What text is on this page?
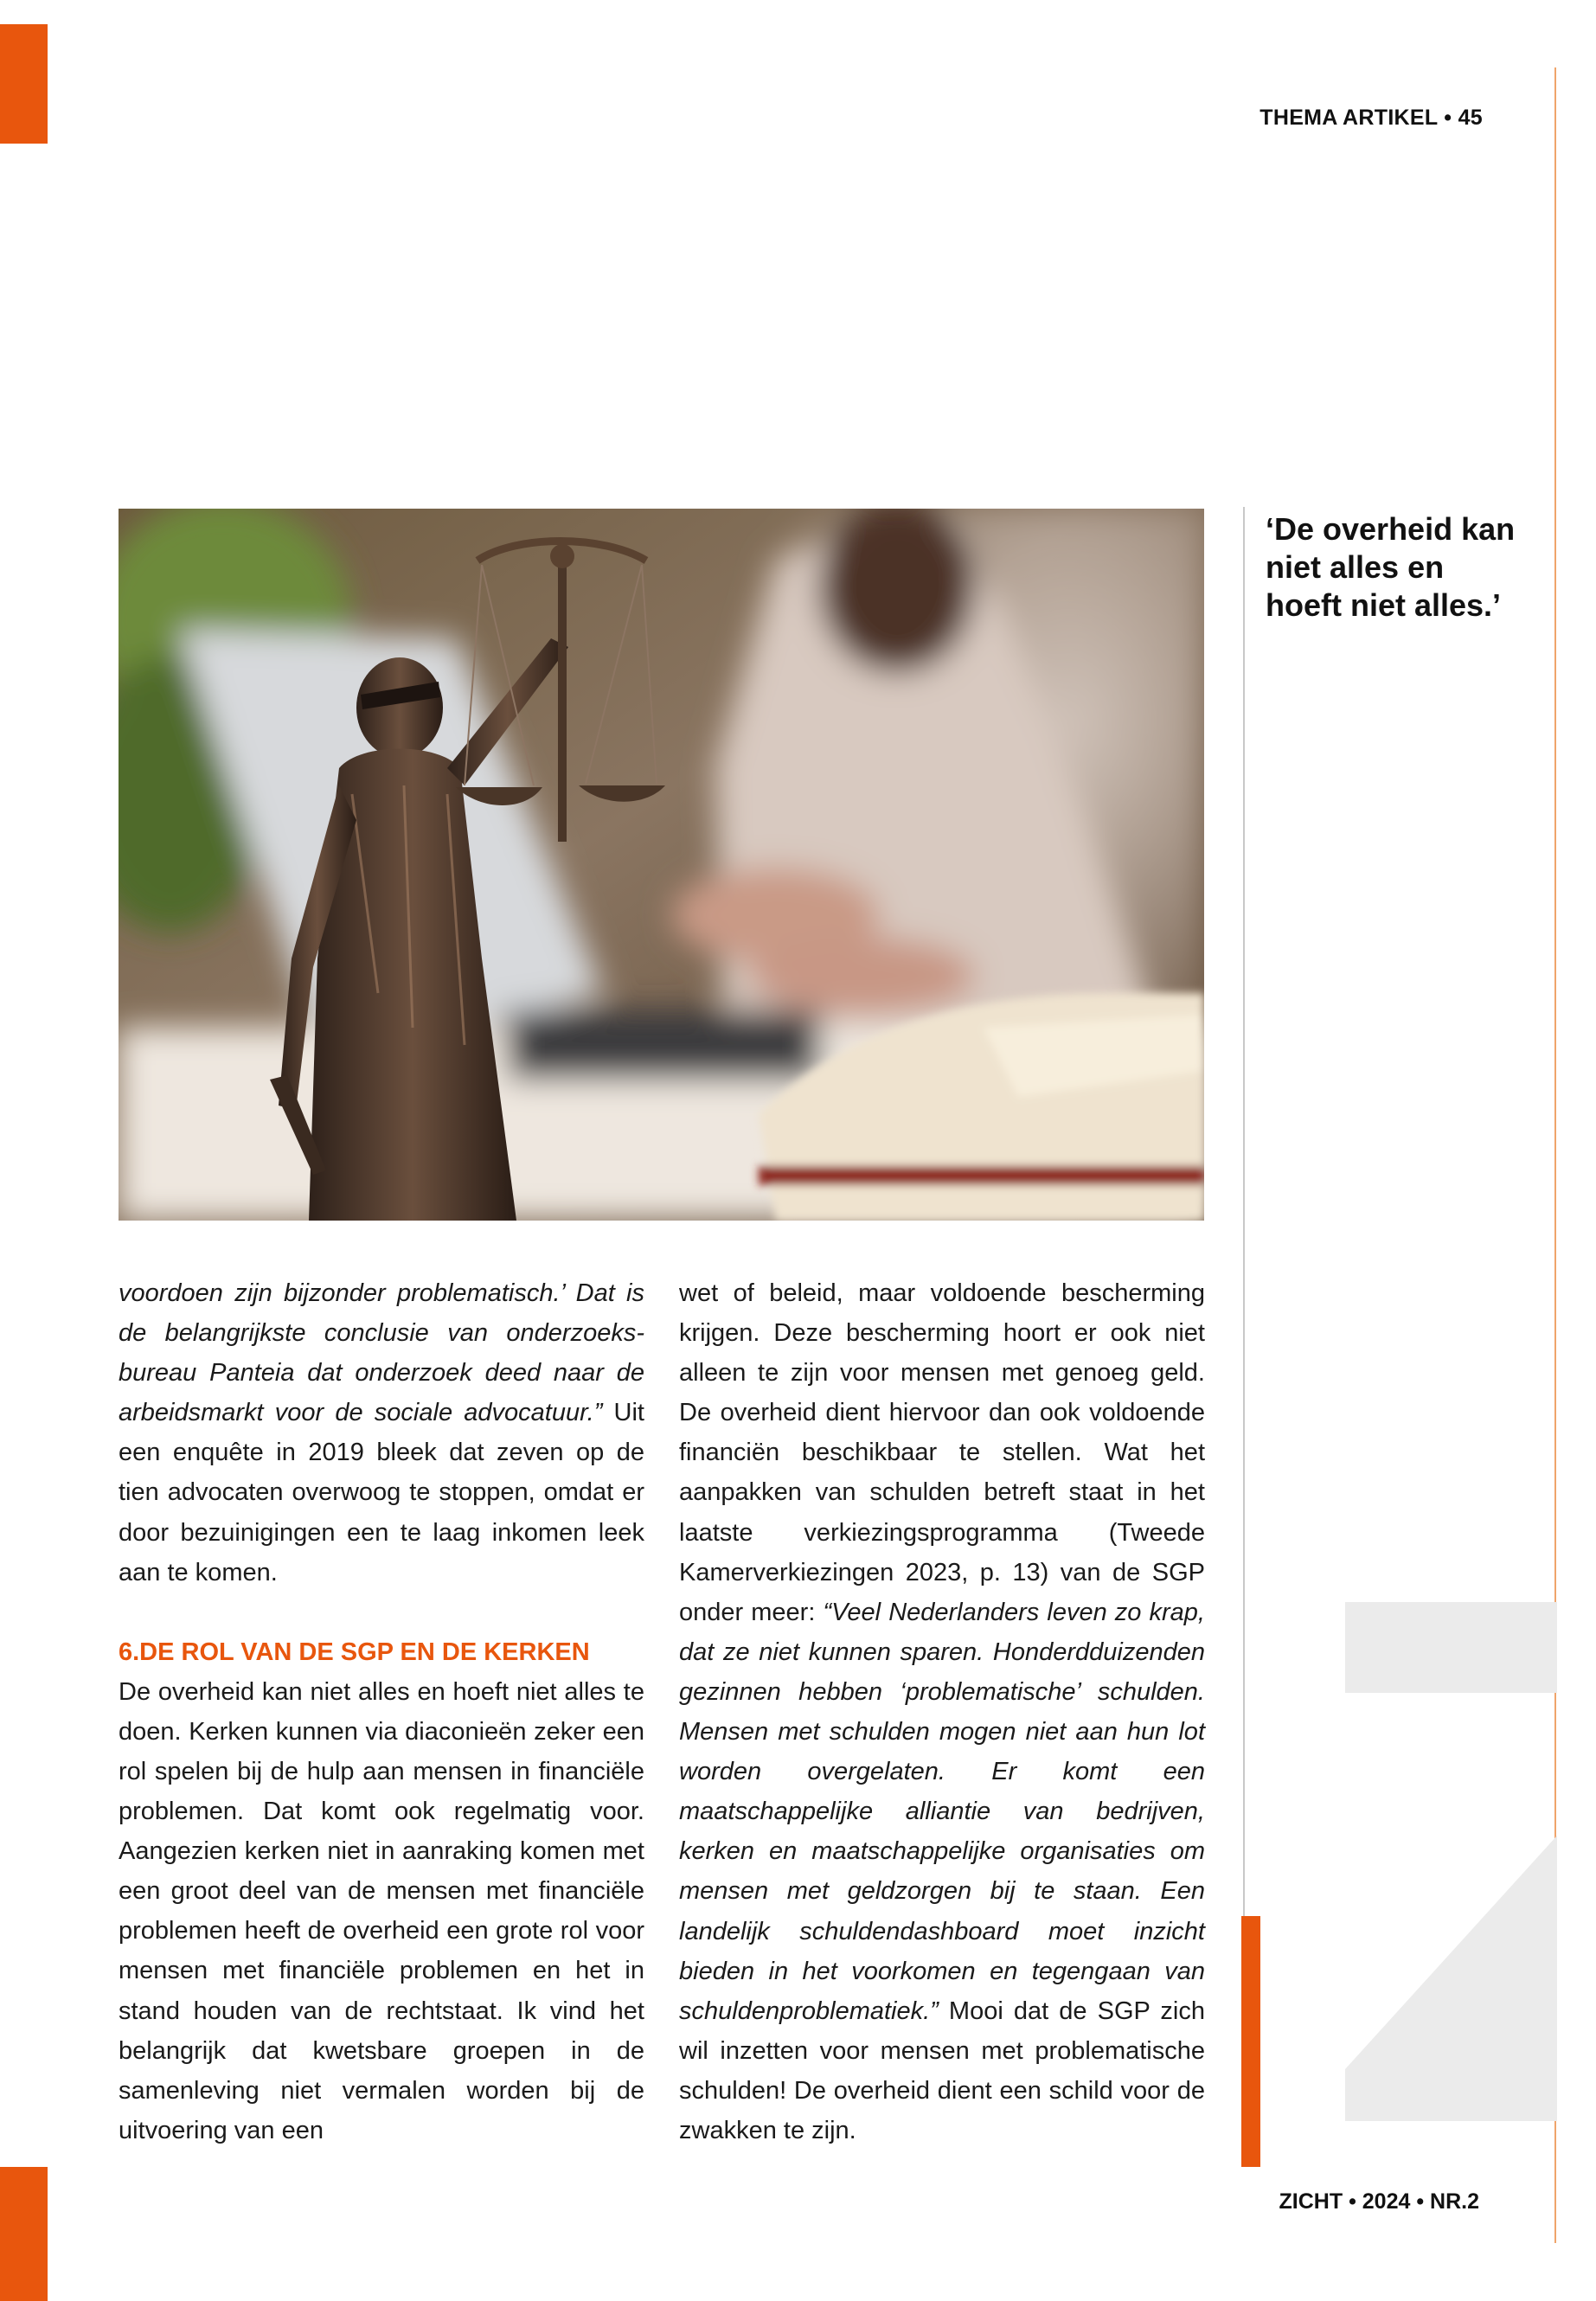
THEMA ARTIKEL • 45
‘De overheid kan niet alles en hoeft niet alles.’

voordoen zijn bijzonder problematisch.’ Dat is de belangrijkste conclusie van onderzoeksbureau Panteia dat onderzoek deed naar de arbeidsmarkt voor de sociale advocatuur.” Uit een enquête in 2019 bleek dat zeven op de tien advocaten overwoog te stoppen, omdat er door bezuinigingen een te laag inkomen leek aan te komen.

6.DE ROL VAN DE SGP EN DE KERKEN

De overheid kan niet alles en hoeft niet alles te doen. Kerken kunnen via diaconieën zeker een rol spelen bij de hulp aan mensen in financiële problemen. Dat komt ook regelmatig voor. Aangezien kerken niet in aanraking komen met een groot deel van de mensen met financiële problemen heeft de overheid een grote rol voor mensen met financiële problemen en het in stand houden van de rechtstaat. Ik vind het belangrijk dat kwetsbare groepen in de samenleving niet vermalen worden bij de uitvoering van een

wet of beleid, maar voldoende bescherming krijgen. Deze bescherming hoort er ook niet alleen te zijn voor mensen met genoeg geld. De overheid dient hiervoor dan ook voldoende financiën beschikbaar te stellen. Wat het aanpakken van schulden betreft staat in het laatste verkiezingsprogramma (Tweede Kamerverkiezingen 2023, p. 13) van de SGP onder meer: “Veel Nederlanders leven zo krap, dat ze niet kunnen sparen. Honderdduizenden gezinnen hebben ‘problematische’ schulden. Mensen met schulden mogen niet aan hun lot worden overgelaten. Er komt een maatschappelijke alliantie van bedrijven, kerken en maatschappelijke organisaties om mensen met geldzorgen bij te staan. Een landelijk schuldendashboard moet inzicht bieden in het voorkomen en tegengaan van schuldenproblematiek.” Mooi dat de SGP zich wil inzetten voor mensen met problematische schulden! De overheid dient een schild voor de zwakken te zijn.

ZICHT • 2024 • NR.2
